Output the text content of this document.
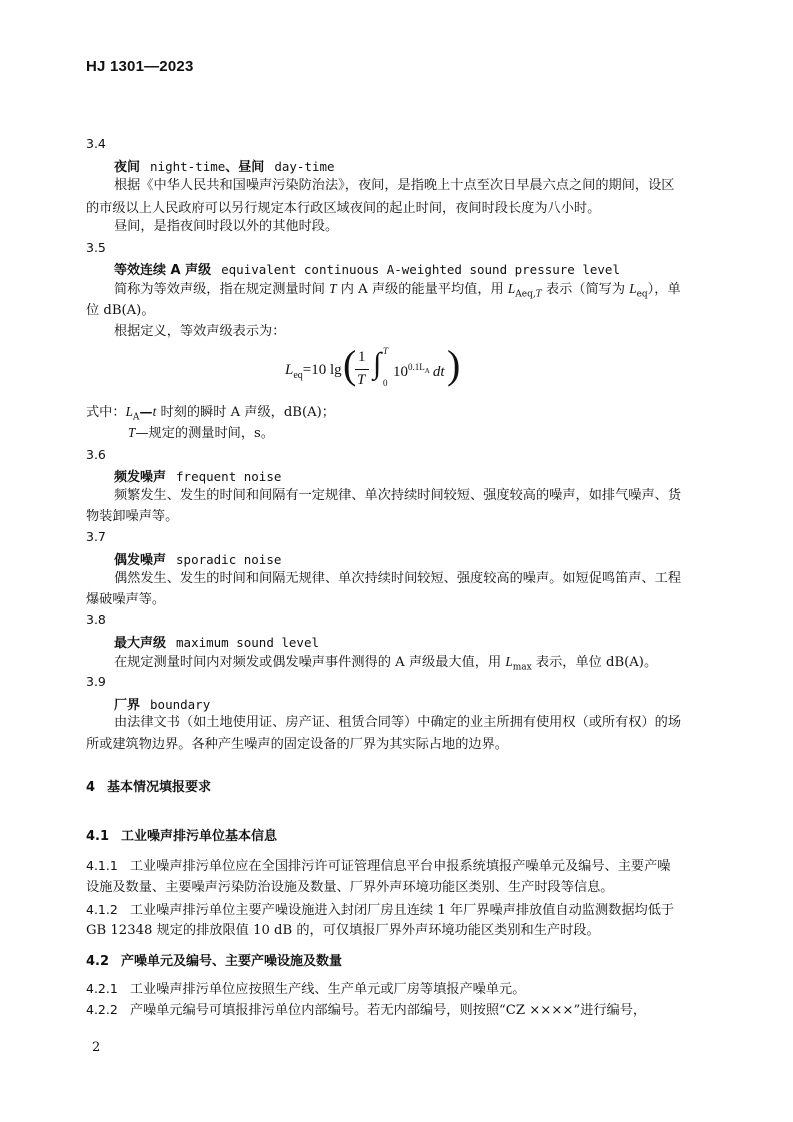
HJ 1301—2023
3.4
夜间 night-time、昼间 day-time
根据《中华人民共和国噪声污染防治法》，夜间，是指晚上十点至次日早晨六点之间的期间，设区
的市级以上人民政府可以另行规定本行政区域夜间的起止时间，夜间时段长度为八小时。
昼间，是指夜间时段以外的其他时段。
3.5
等效连续 A 声级 equivalent continuous A-weighted sound pressure level
简称为等效声级，指在规定测量时间 T 内 A 声级的能量平均值，用 $L_{Aeq,T}$ 表示（简写为 $L_{eq}$），单
位 dB(A)。
根据定义，等效声级表示为：
$L_{eq}=10$ lg ( 1
T ∫ T
0
$10^{0.1L_A}$ dt )
式中：$L_A—t$ 时刻的瞬时 A 声级，dB(A)；
T—规定的测量时间，s。
3.6
频发噪声 frequent noise
频繁发生、发生的时间和间隔有一定规律、单次持续时间较短、强度较高的噪声，如排气噪声、货
物装卸噪声等。
3.7
偶发噪声 sporadic noise
偶然发生、发生的时间和间隔无规律、单次持续时间较短、强度较高的噪声。如短促鸣笛声、工程
爆破噪声等。
3.8
最大声级 maximum sound level
在规定测量时间内对频发或偶发噪声事件测得的 A 声级最大值，用 $L_{max}$ 表示，单位 dB(A)。
3.9
厂界 boundary
由法律文书（如土地使用证、房产证、租赁合同等）中确定的业主所拥有使用权（或所有权）的场
所或建筑物边界。各种产生噪声的固定设备的厂界为其实际占地的边界。
4 基本情况填报要求
4.1 工业噪声排污单位基本信息
4.1.1 工业噪声排污单位应在全国排污许可证管理信息平台申报系统填报产噪单元及编号、主要产噪
设施及数量、主要噪声污染防治设施及数量、厂界外声环境功能区类别、生产时段等信息。
4.1.2 工业噪声排污单位主要产噪设施进入封闭厂房且连续 1 年厂界噪声排放值自动监测数据均低于
GB 12348 规定的排放限值 10 dB 的，可仅填报厂界外声环境功能区类别和生产时段。
4.2 产噪单元及编号、主要产噪设施及数量
4.2.1 工业噪声排污单位应按照生产线、生产单元或厂房等填报产噪单元。
4.2.2 产噪单元编号可填报排污单位内部编号。若无内部编号，则按照“CZ ××××”进行编号，
2
